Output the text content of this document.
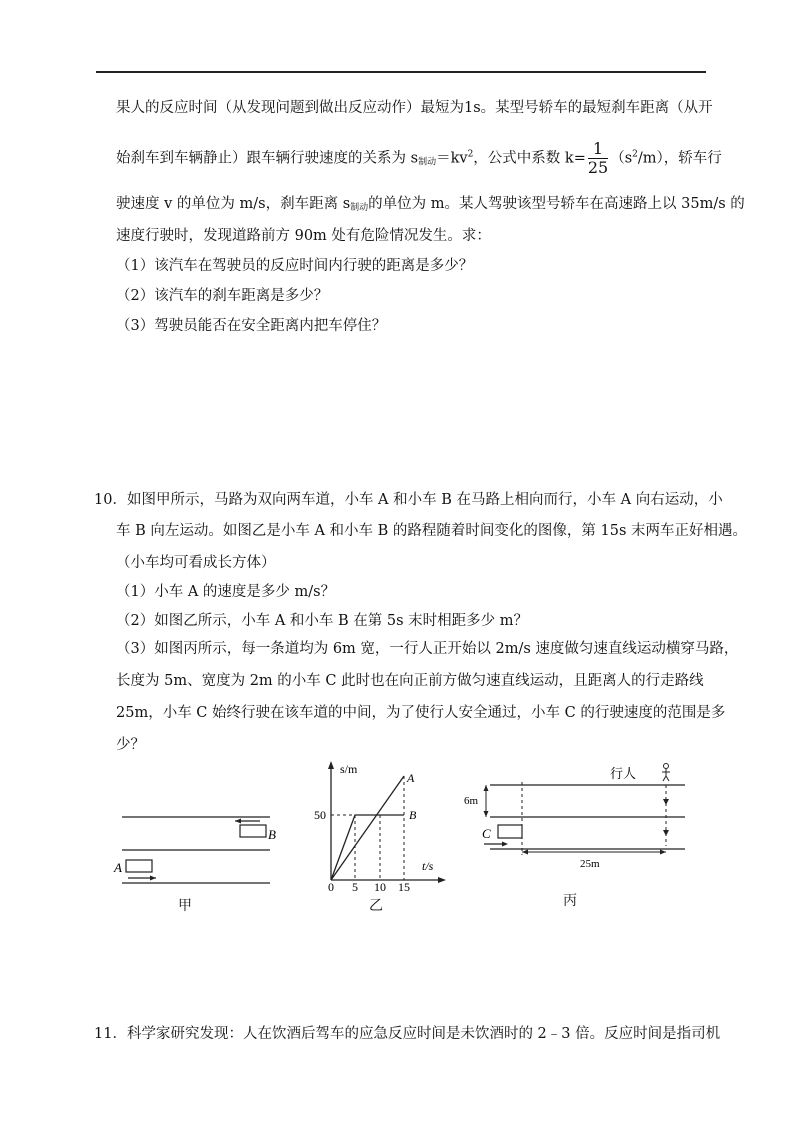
果人的反应时间（从发现问题到做出反应动作）最短为1s。某型号轿车的最短刹车距离（从开
始刹车到车辆静止）跟车辆行驶速度的关系为 $s_{制动}=kv^2$，公式中系数 $k= \frac{1}{25} (s^2/m)$，轿车行
驶速度 v 的单位为 m/s，刹车距离 $s_{制动}$的单位为 m。某人驾驶该型号轿车在高速路上以 35m/s 的
速度行驶时，发现道路前方 90m 处有危险情况发生。求：
（1）该汽车在驾驶员的反应时间内行驶的距离是多少？
（2）该汽车的刹车距离是多少？
（3）驾驶员能否在安全距离内把车停住？
10．如图甲所示，马路为双向两车道，小车 A 和小车 B 在马路上相向而行，小车 A 向右运动，小
车 B 向左运动。如图乙是小车 A 和小车 B 的路程随着时间变化的图像，第 15s 末两车正好相遇。
（小车均可看成长方体）
（1）小车 A 的速度是多少 m/s？
（2）如图乙所示，小车 A 和小车 B 在第 5s 末时相距多少 m？
（3）如图丙所示，每一条道均为 6m 宽，一行人正开始以 2m/s 速度做匀速直线运动横穿马路，
长度为 5m、宽度为 2m 的小车 C 此时也在向正前方做匀速直线运动，且距离人的行走路线
25m，小车 C 始终行驶在该车道的中间，为了使行人安全通过，小车 C 的行驶速度的范围是多
少？
B
A
甲
s/m
t/s
A
B
50
0 5 10 15
乙
行人
6m
C
25m
丙
11．科学家研究发现：人在饮酒后驾车的应急反应时间是未饮酒时的 2﹣3 倍。反应时间是指司机
